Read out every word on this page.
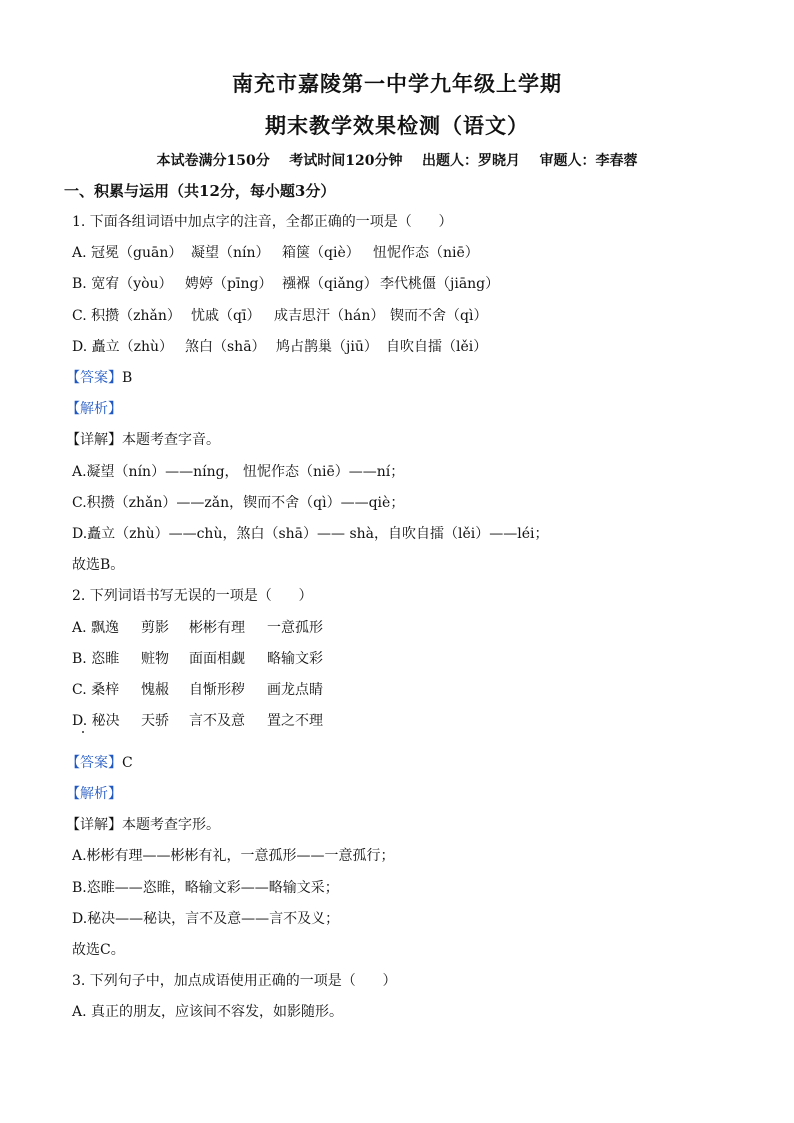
南充市嘉陵第一中学九年级上学期
期末教学效果检测（语文）
本试卷满分150分    考试时间120分钟    出题人：罗晓月    审题人：李春蓉
一、积累与运用（共12分，每小题3分）
1. 下面各组词语中加点字的注音，全都正确的一项是（      ）
A. 冠冕（guān） 凝望（nín） 箱箧（qiè） 忸怩作态（niē）
B. 宽宥（yòu） 娉婷（pīng） 襁褓（qiǎng） 李代桃僵（jiāng）
C. 积攒（zhǎn） 忧戚（qī） 成吉思汗（hán） 锲而不舍（qì）
D. 矗立（zhù） 煞白（shā） 鸠占鹊巢（jiū） 自吹自擂（lěi）
【答案】B
【解析】
【详解】本题考查字音。
A.凝望（nín）——níng， 忸怩作态（niē）——ní；
C.积攒（zhǎn）——zǎn，锲而不舍（qì）——qiè；
D.矗立（zhù）——chù，煞白（shā）—— shà，自吹自擂（lěi）——léi；
故选B。
2. 下列词语书写无误的一项是（      ）
A. 飘逸 剪影 彬彬有理 一意孤形
B. 恣睢 赃物 面面相觑 略输文彩
C. 桑梓 愧赧 自惭形秽 画龙点睛
D. 秘决 天骄 言不及意 置之不理
【答案】C
【解析】
【详解】本题考查字形。
A.彬彬有理——彬彬有礼，一意孤形——一意孤行；
B.恣睢——恣睢，略输文彩——略输文采；
D.秘决——秘诀，言不及意——言不及义；
故选C。
3. 下列句子中，加点成语使用正确的一项是（      ）
A. 真正的朋友，应该间不容发，如影随形。
